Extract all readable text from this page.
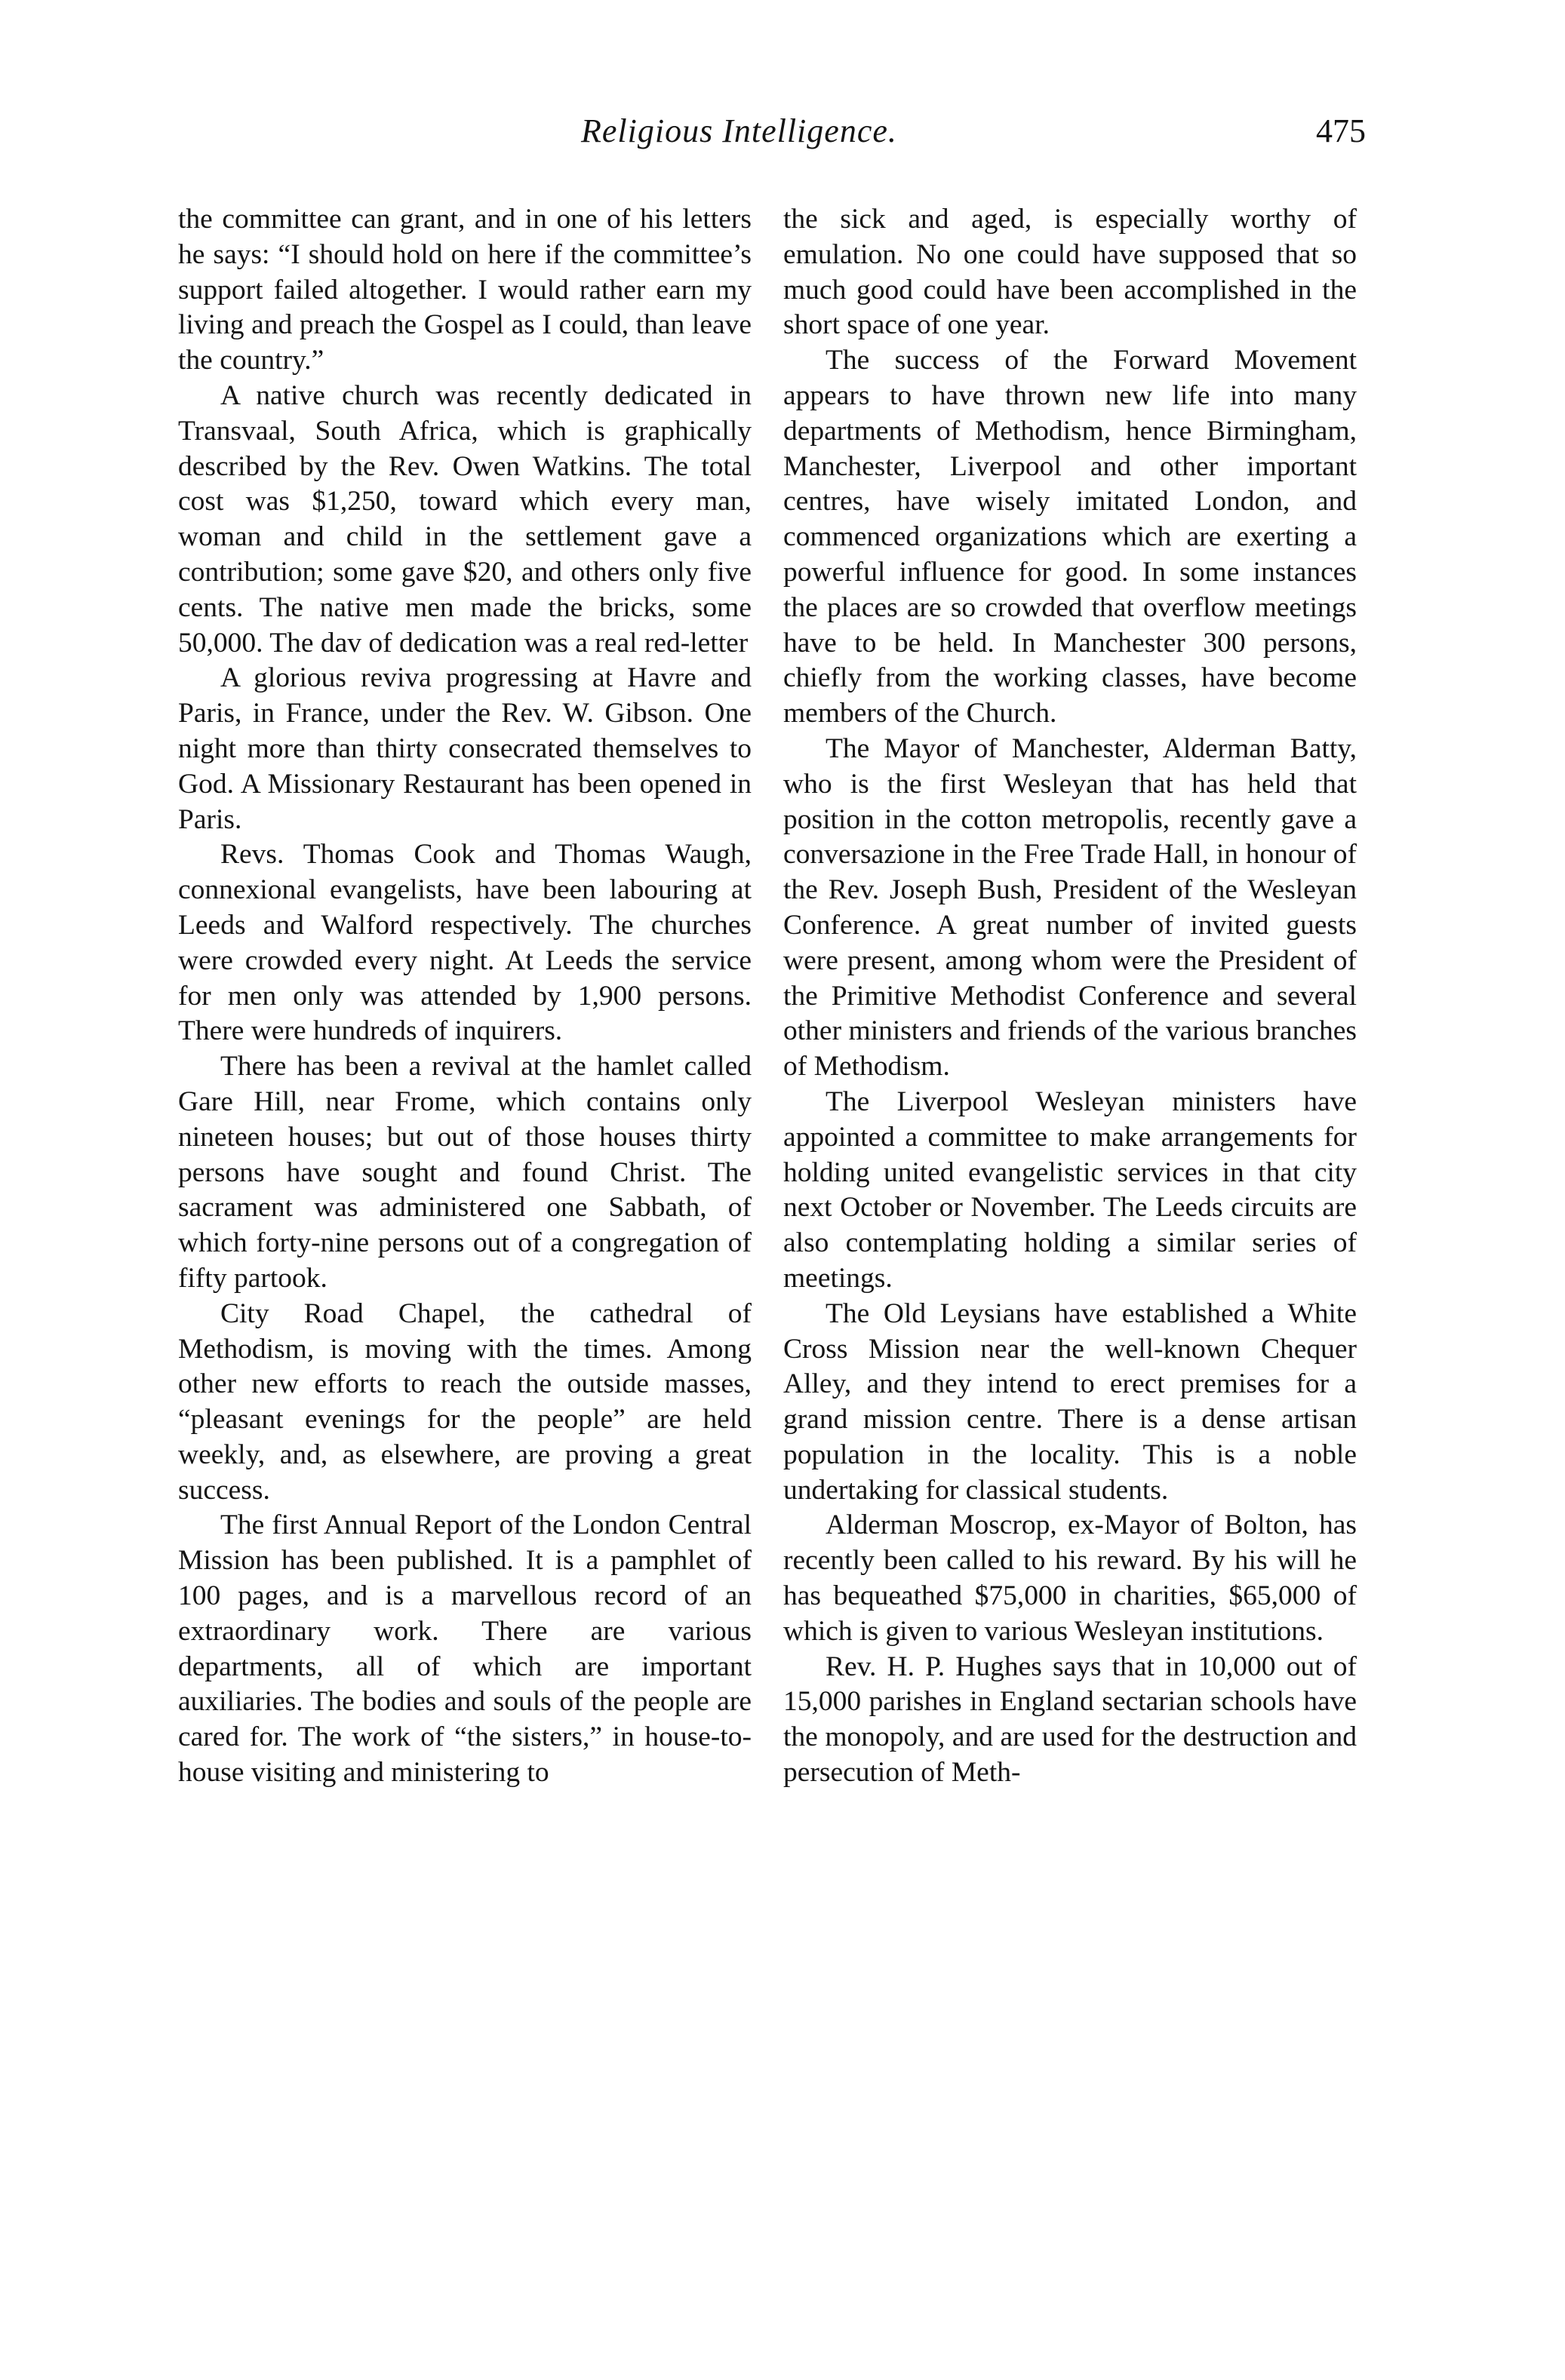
Religious Intelligence.	475

the committee can grant, and in one of his letters he says: “I should hold on here if the committee’s support failed altogether. I would rather earn my living and preach the Gospel as I could, than leave the country.”

A native church was recently dedicated in Transvaal, South Africa, which is graphically described by the Rev. Owen Watkins. The total cost was $1,250, toward which every man, woman and child in the settlement gave a contribution; some gave $20, and others only five cents. The native men made the bricks, some 50,000. The dav of dedication was a real red-letter

A glorious reviva progressing at Havre and Paris, in France, under the Rev. W. Gibson. One night more than thirty consecrated themselves to God. A Missionary Restaurant has been opened in Paris.

Revs. Thomas Cook and Thomas Waugh, connexional evangelists, have been labouring at Leeds and Walford respectively. The churches were crowded every night. At Leeds the service for men only was attended by 1,900 persons. There were hundreds of inquirers.

There has been a revival at the hamlet called Gare Hill, near Frome, which contains only nineteen houses; but out of those houses thirty persons have sought and found Christ. The sacrament was administered one Sabbath, of which forty-nine persons out of a congregation of fifty partook.

City Road Chapel, the cathedral of Methodism, is moving with the times. Among other new efforts to reach the outside masses, “pleasant evenings for the people” are held weekly, and, as elsewhere, are proving a great success.

The first Annual Report of the London Central Mission has been published. It is a pamphlet of 100 pages, and is a marvellous record of an extraordinary work. There are various departments, all of which are important auxiliaries. The bodies and souls of the people are cared for. The work of “the sisters,” in house-to-house visiting and ministering to

the sick and aged, is especially worthy of emulation. No one could have supposed that so much good could have been accomplished in the short space of one year.

The success of the Forward Movement appears to have thrown new life into many departments of Methodism, hence Birmingham, Manchester, Liverpool and other important centres, have wisely imitated London, and commenced organizations which are exerting a powerful influence for good. In some instances the places are so crowded that overflow meetings have to be held. In Manchester 300 persons, chiefly from the working classes, have become members of the Church.

The Mayor of Manchester, Alderman Batty, who is the first Wesleyan that has held that position in the cotton metropolis, recently gave a conversazione in the Free Trade Hall, in honour of the Rev. Joseph Bush, President of the Wesleyan Conference. A great number of invited guests were present, among whom were the President of the Primitive Methodist Conference and several other ministers and friends of the various branches of Methodism.

The Liverpool Wesleyan ministers have appointed a committee to make arrangements for holding united evangelistic services in that city next October or November. The Leeds circuits are also contemplating holding a similar series of meetings.

The Old Leysians have established a White Cross Mission near the well-known Chequer Alley, and they intend to erect premises for a grand mission centre. There is a dense artisan population in the locality. This is a noble undertaking for classical students.

Alderman Moscrop, ex-Mayor of Bolton, has recently been called to his reward. By his will he has bequeathed $75,000 in charities, $65,000 of which is given to various Wesleyan institutions.

Rev. H. P. Hughes says that in 10,000 out of 15,000 parishes in England sectarian schools have the monopoly, and are used for the destruction and persecution of Meth-
